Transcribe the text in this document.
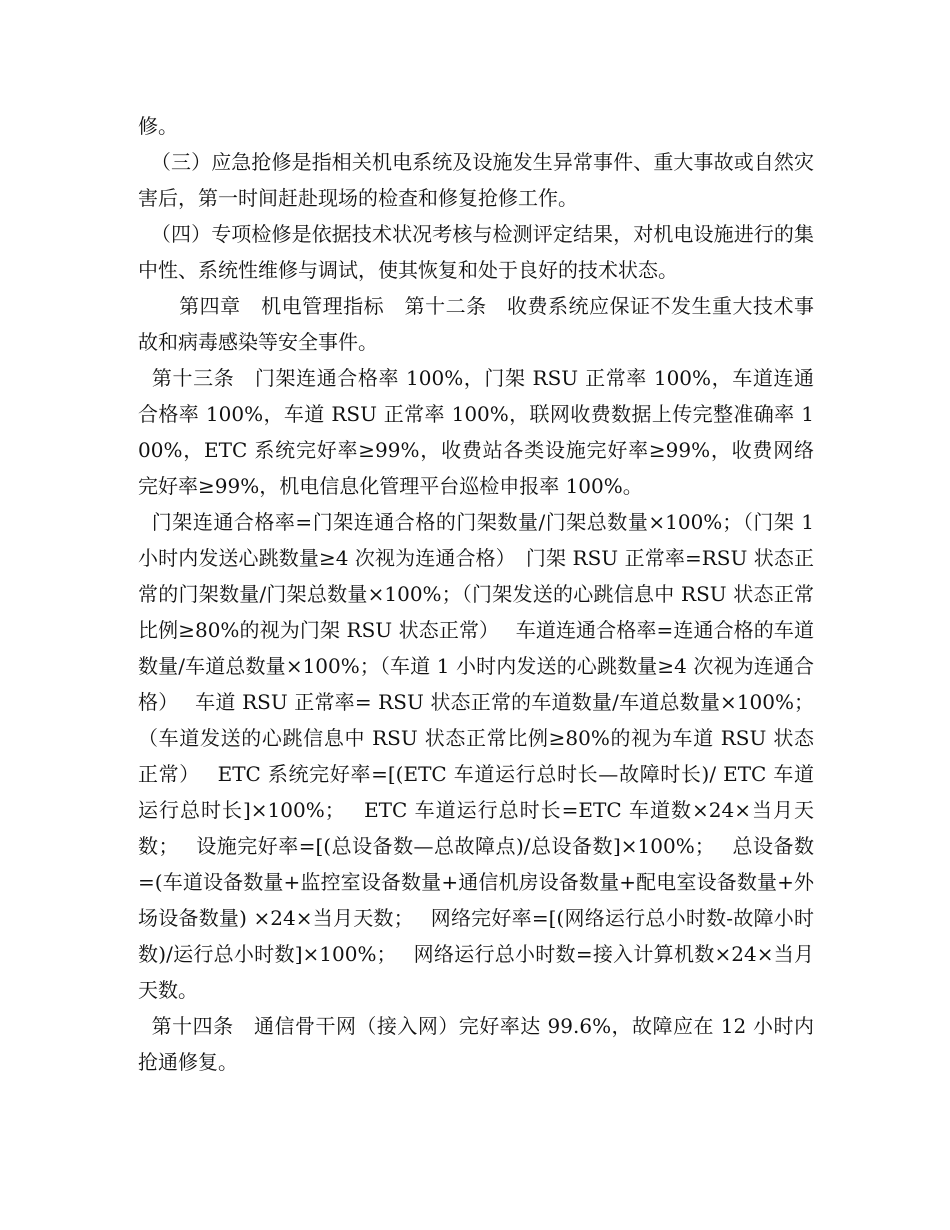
修。

（三）应急抢修是指相关机电系统及设施发生异常事件、重大事故或自然灾害后，第一时间赶赴现场的检查和修复抢修工作。

（四）专项检修是依据技术状况考核与检测评定结果，对机电设施进行的集中性、系统性维修与调试，使其恢复和处于良好的技术状态。

第四章　机电管理指标　第十二条　收费系统应保证不发生重大技术事故和病毒感染等安全事件。

第十三条　门架连通合格率 100%，门架 RSU 正常率 100%，车道连通合格率 100%，车道 RSU 正常率 100%，联网收费数据上传完整准确率 100%，ETC 系统完好率≥99%，收费站各类设施完好率≥99%，收费网络完好率≥99%，机电信息化管理平台巡检申报率 100%。

门架连通合格率=门架连通合格的门架数量/门架总数量×100%；（门架 1 小时内发送心跳数量≥4 次视为连通合格）　门架 RSU 正常率=RSU 状态正常的门架数量/门架总数量×100%；（门架发送的心跳信息中 RSU 状态正常比例≥80%的视为门架 RSU 状态正常）　 车道连通合格率=连通合格的车道数量/车道总数量×100%；（车道 1 小时内发送的心跳数量≥4 次视为连通合格）　 车道 RSU 正常率= RSU 状态正常的车道数量/车道总数量×100%；（车道发送的心跳信息中 RSU 状态正常比例≥80%的视为车道 RSU 状态正常）　 ETC 系统完好率=[(ETC 车道运行总时长—故障时长)/ ETC 车道运行总时长]×100%；　 ETC 车道运行总时长=ETC 车道数×24×当月天数；　 设施完好率=[(总设备数—总故障点)/总设备数]×100%；　 总设备数=(车道设备数量+监控室设备数量+通信机房设备数量+配电室设备数量+外场设备数量) ×24×当月天数；　 网络完好率=[(网络运行总小时数-故障小时数)/运行总小时数]×100%；　 网络运行总小时数=接入计算机数×24×当月天数。

第十四条　通信骨干网（接入网）完好率达 99.6%，故障应在 12 小时内抢通修复。
